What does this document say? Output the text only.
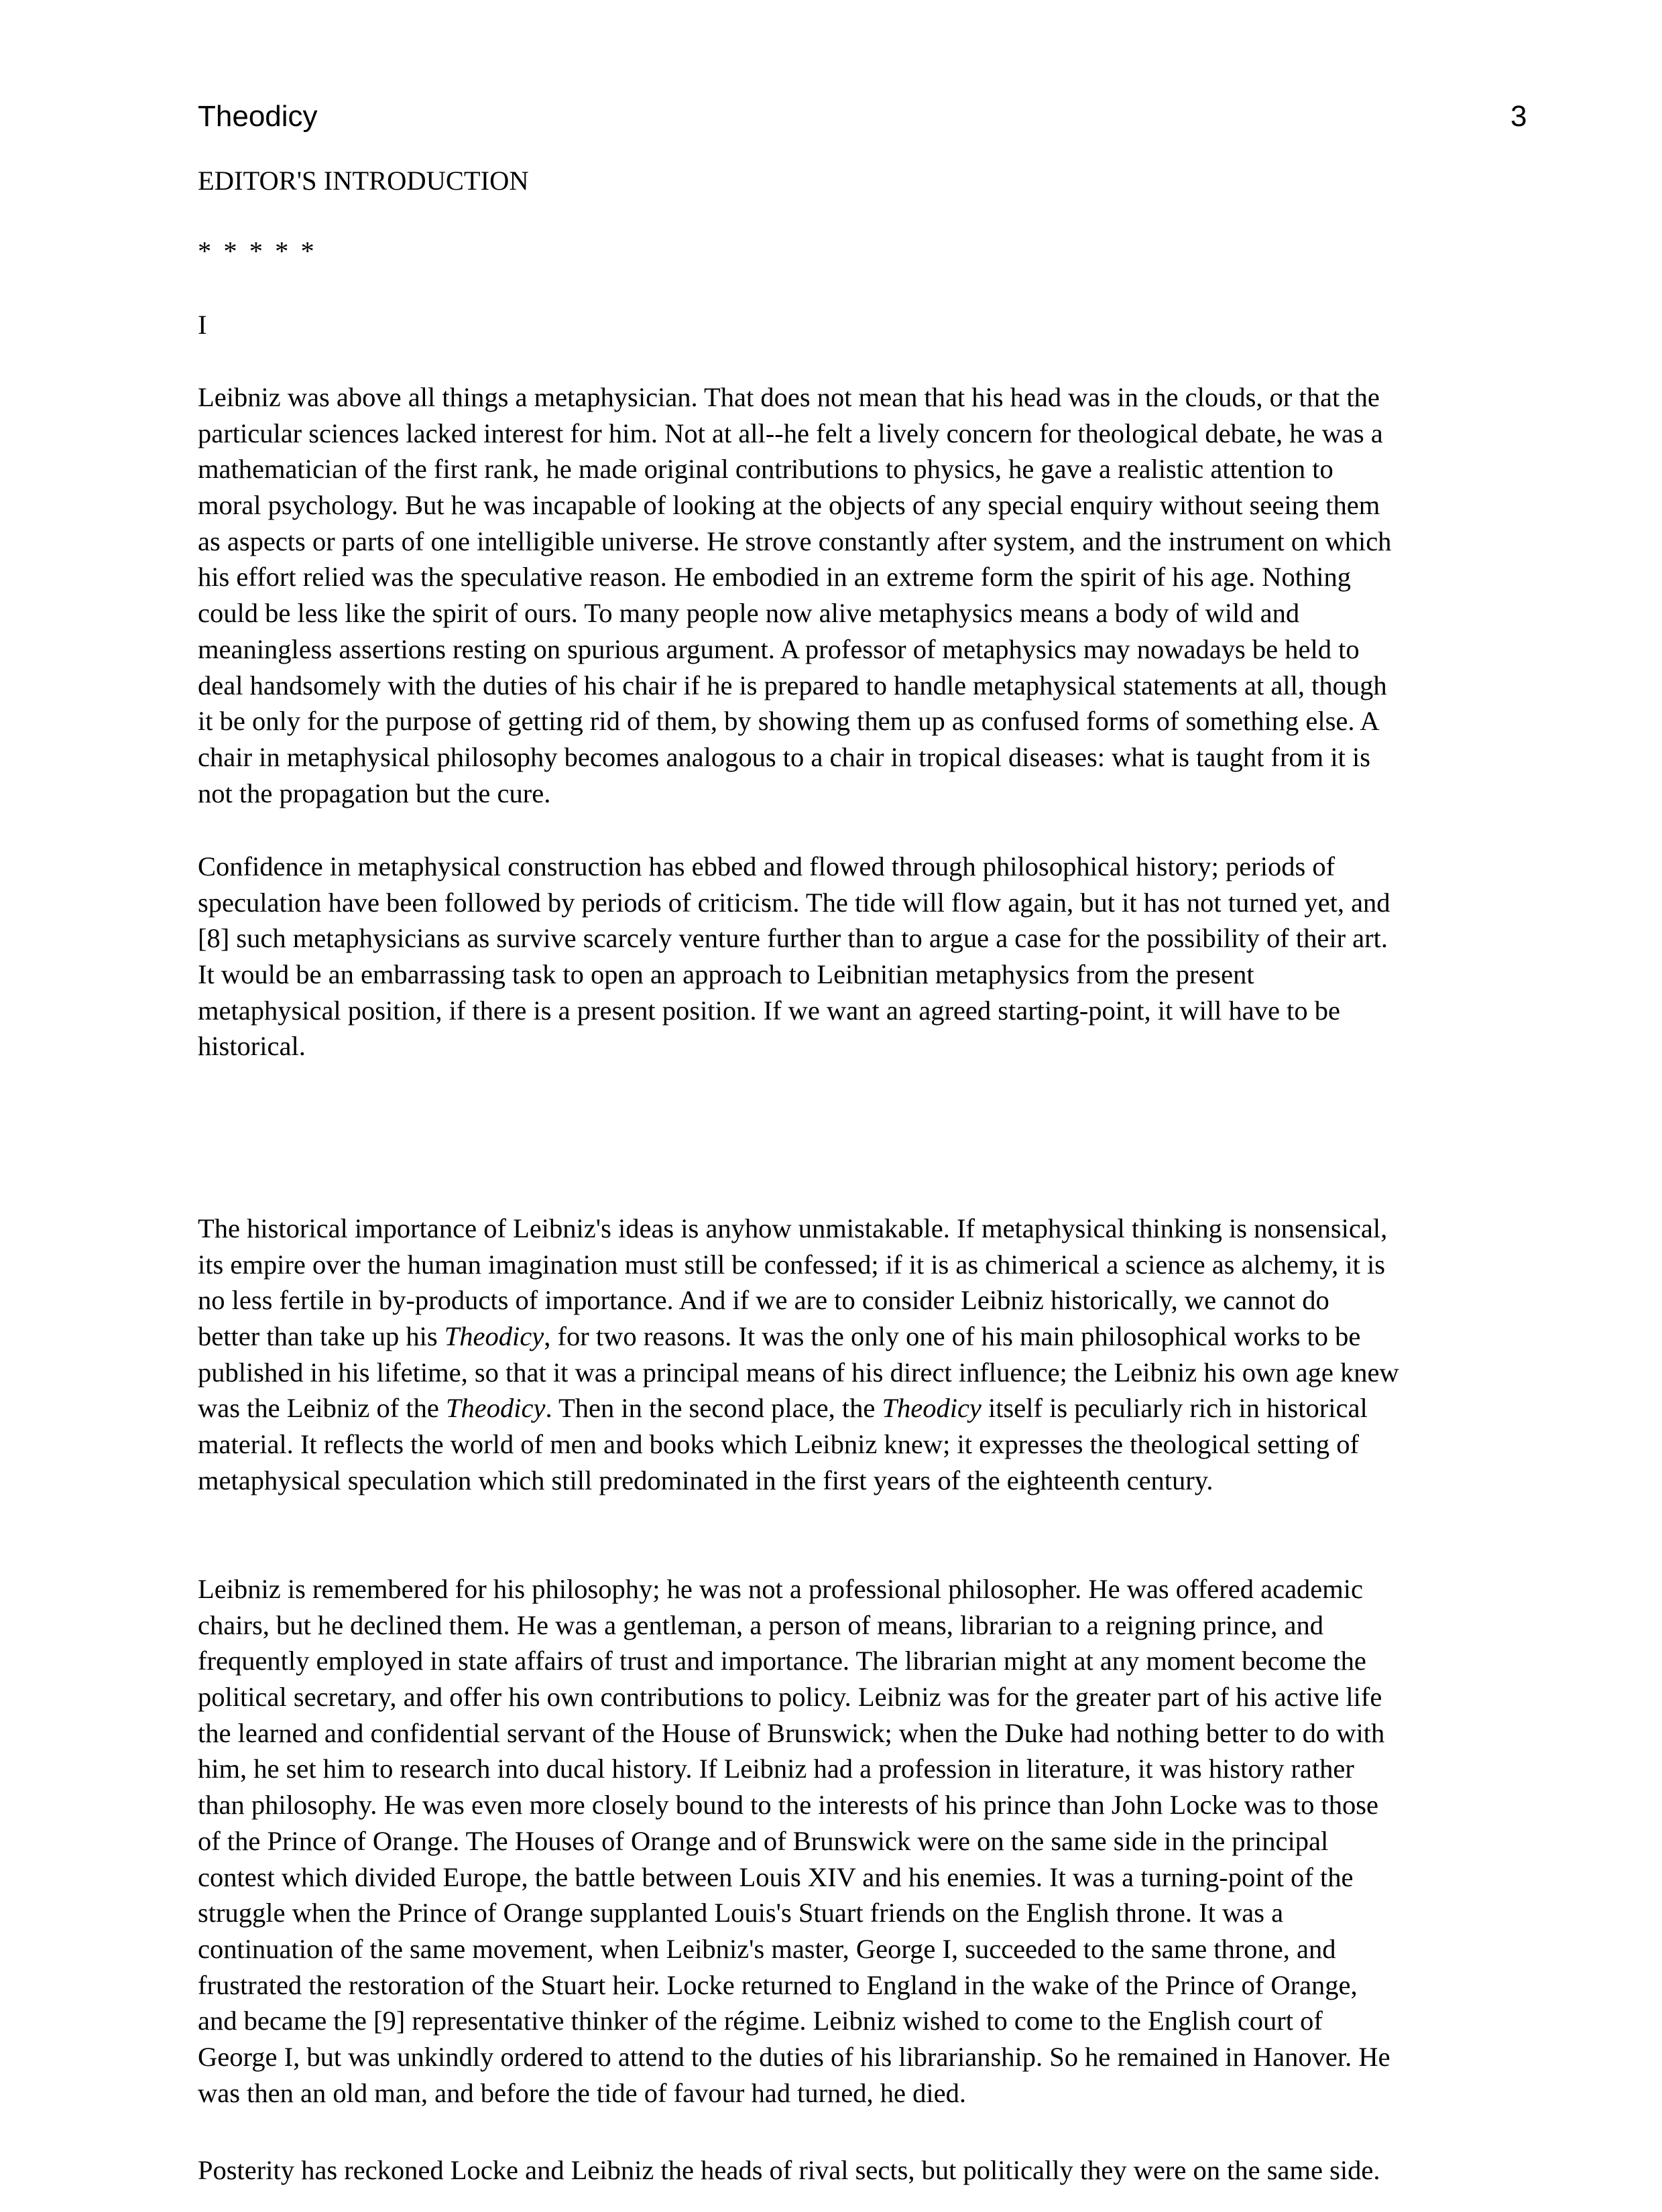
Theodicy	3
EDITOR'S INTRODUCTION
* * * * *
I
Leibniz was above all things a metaphysician. That does not mean that his head was in the clouds, or that the
particular sciences lacked interest for him. Not at all--he felt a lively concern for theological debate, he was a
mathematician of the first rank, he made original contributions to physics, he gave a realistic attention to
moral psychology. But he was incapable of looking at the objects of any special enquiry without seeing them
as aspects or parts of one intelligible universe. He strove constantly after system, and the instrument on which
his effort relied was the speculative reason. He embodied in an extreme form the spirit of his age. Nothing
could be less like the spirit of ours. To many people now alive metaphysics means a body of wild and
meaningless assertions resting on spurious argument. A professor of metaphysics may nowadays be held to
deal handsomely with the duties of his chair if he is prepared to handle metaphysical statements at all, though
it be only for the purpose of getting rid of them, by showing them up as confused forms of something else. A
chair in metaphysical philosophy becomes analogous to a chair in tropical diseases: what is taught from it is
not the propagation but the cure.
Confidence in metaphysical construction has ebbed and flowed through philosophical history; periods of
speculation have been followed by periods of criticism. The tide will flow again, but it has not turned yet, and
[8] such metaphysicians as survive scarcely venture further than to argue a case for the possibility of their art.
It would be an embarrassing task to open an approach to Leibnitian metaphysics from the present
metaphysical position, if there is a present position. If we want an agreed starting-point, it will have to be
historical.
The historical importance of Leibniz's ideas is anyhow unmistakable. If metaphysical thinking is nonsensical,
its empire over the human imagination must still be confessed; if it is as chimerical a science as alchemy, it is
no less fertile in by-products of importance. And if we are to consider Leibniz historically, we cannot do
better than take up his Theodicy, for two reasons. It was the only one of his main philosophical works to be
published in his lifetime, so that it was a principal means of his direct influence; the Leibniz his own age knew
was the Leibniz of the Theodicy. Then in the second place, the Theodicy itself is peculiarly rich in historical
material. It reflects the world of men and books which Leibniz knew; it expresses the theological setting of
metaphysical speculation which still predominated in the first years of the eighteenth century.
Leibniz is remembered for his philosophy; he was not a professional philosopher. He was offered academic
chairs, but he declined them. He was a gentleman, a person of means, librarian to a reigning prince, and
frequently employed in state affairs of trust and importance. The librarian might at any moment become the
political secretary, and offer his own contributions to policy. Leibniz was for the greater part of his active life
the learned and confidential servant of the House of Brunswick; when the Duke had nothing better to do with
him, he set him to research into ducal history. If Leibniz had a profession in literature, it was history rather
than philosophy. He was even more closely bound to the interests of his prince than John Locke was to those
of the Prince of Orange. The Houses of Orange and of Brunswick were on the same side in the principal
contest which divided Europe, the battle between Louis XIV and his enemies. It was a turning-point of the
struggle when the Prince of Orange supplanted Louis's Stuart friends on the English throne. It was a
continuation of the same movement, when Leibniz's master, George I, succeeded to the same throne, and
frustrated the restoration of the Stuart heir. Locke returned to England in the wake of the Prince of Orange,
and became the [9] representative thinker of the régime. Leibniz wished to come to the English court of
George I, but was unkindly ordered to attend to the duties of his librarianship. So he remained in Hanover. He
was then an old man, and before the tide of favour had turned, he died.
Posterity has reckoned Locke and Leibniz the heads of rival sects, but politically they were on the same side.
